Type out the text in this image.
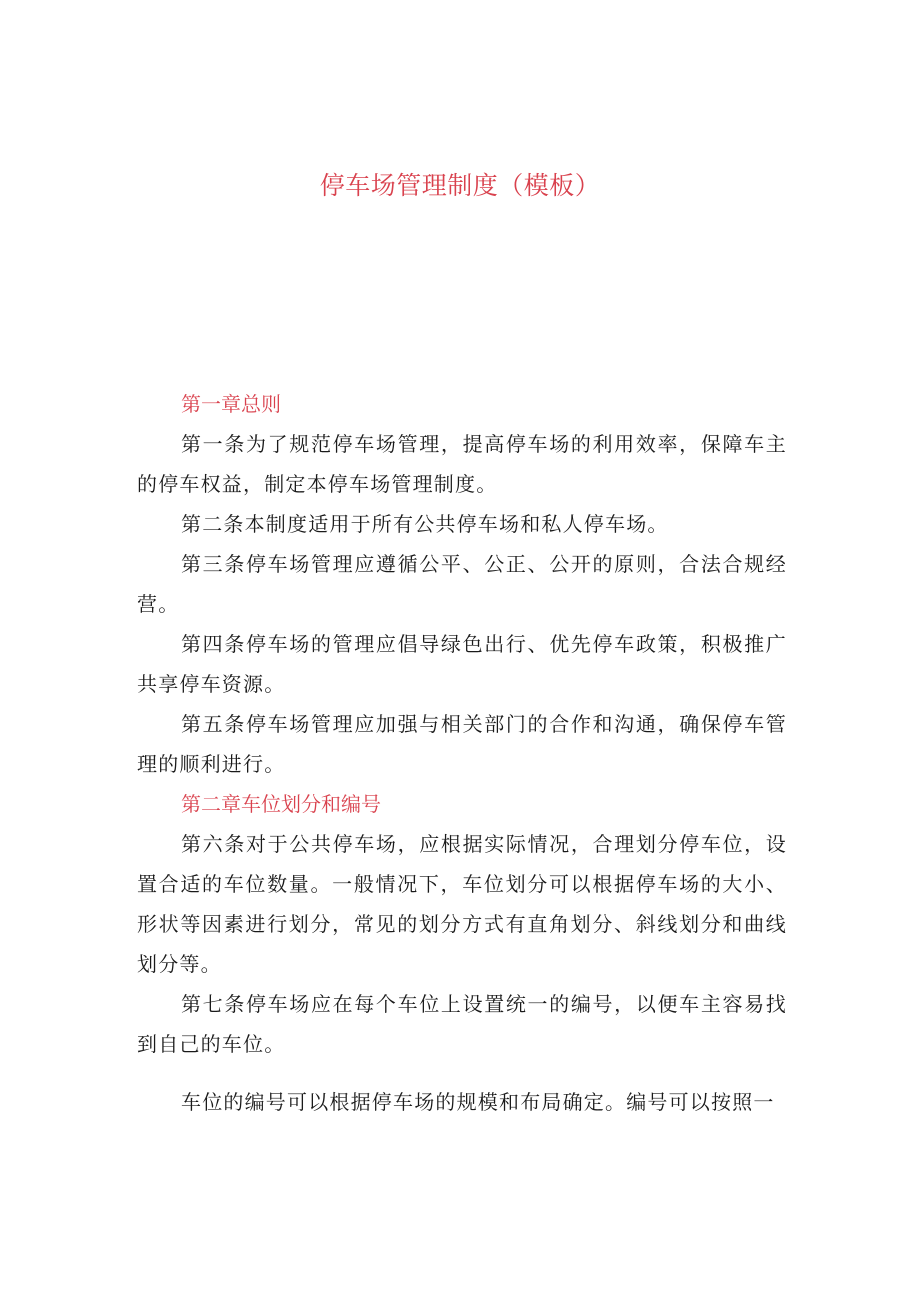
停车场管理制度（模板）

第一章总则

第一条为了规范停车场管理，提高停车场的利用效率，保障车主的停车权益，制定本停车场管理制度。

第二条本制度适用于所有公共停车场和私人停车场。

第三条停车场管理应遵循公平、公正、公开的原则，合法合规经营。

第四条停车场的管理应倡导绿色出行、优先停车政策，积极推广共享停车资源。

第五条停车场管理应加强与相关部门的合作和沟通，确保停车管理的顺利进行。

第二章车位划分和编号

第六条对于公共停车场，应根据实际情况，合理划分停车位，设置合适的车位数量。一般情况下，车位划分可以根据停车场的大小、形状等因素进行划分，常见的划分方式有直角划分、斜线划分和曲线划分等。

第七条停车场应在每个车位上设置统一的编号，以便车主容易找到自己的车位。

车位的编号可以根据停车场的规模和布局确定。编号可以按照一
